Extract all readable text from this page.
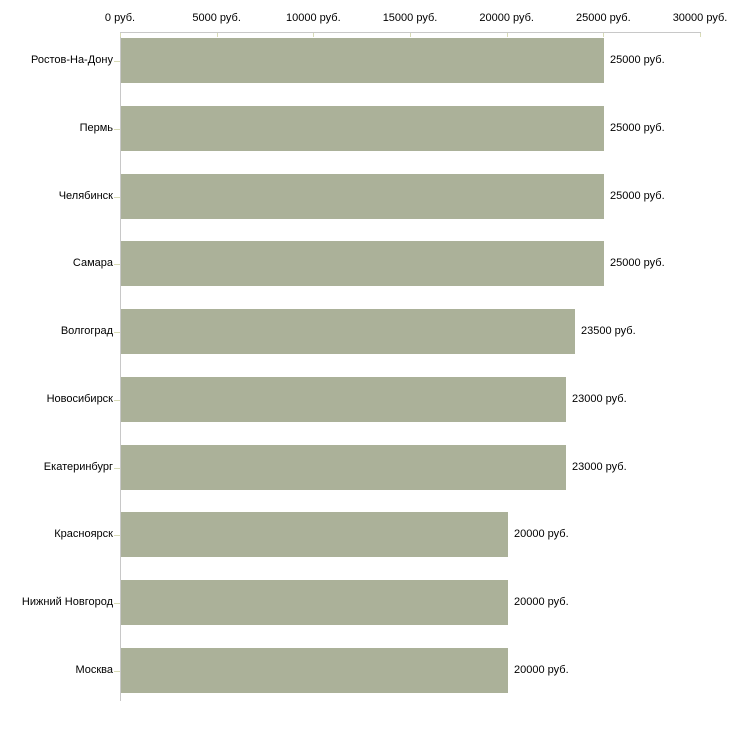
0 руб.	5000 руб.	10000 руб.	15000 руб.	20000 руб.	25000 руб.	30000 руб.
Ростов-На-Дону	25000 руб.
Пермь	25000 руб.
Челябинск	25000 руб.
Самара	25000 руб.
Волгоград	23500 руб.
Новосибирск	23000 руб.
Екатеринбург	23000 руб.
Красноярск	20000 руб.
Нижний Новгород	20000 руб.
Москва	20000 руб.
